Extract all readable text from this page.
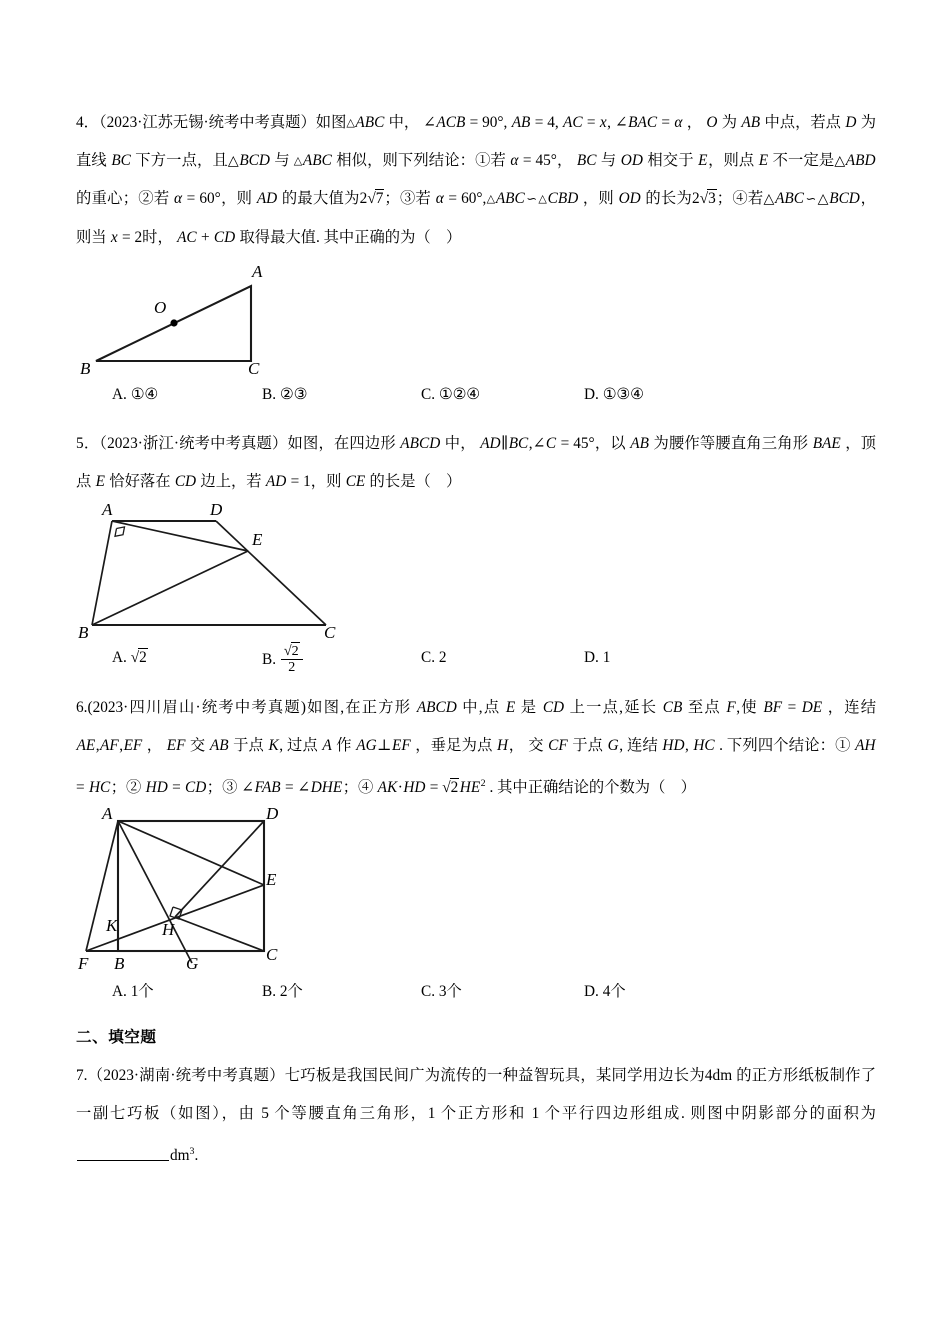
4．（2023·江苏无锡·统考中考真题）如图△ABC 中， ∠ACB = 90°, AB = 4, AC = x, ∠BAC = α ， O 为 AB 中点，若点 D 为直线 BC 下方一点，且△BCD 与 △ABC 相似，则下列结论：①若 α = 45°， BC 与 OD 相交于 E，则点 E 不一定是△ABD 的重心；②若 α = 60°，则 AD 的最大值为2√7；③若 α = 60°,△ABC ∽△CBD ，则 OD 的长为2√3；④若△ABC ∽△BCD，则当 x = 2时， AC + CD 取得最大值. 其中正确的为（　）
A
O
B	C
A. ①④	B. ②③	C. ①②④	D. ①③④
5．（2023·浙江·统考中考真题）如图，在四边形 ABCD 中， AD∥BC,∠C = 45°，以 AB 为腰作等腰直角三角形 BAE ，顶点 E 恰好落在 CD 边上，若 AD = 1，则 CE 的长是（　）
A	D
E
B	C
A. √2	B. $\frac{√2}{2}$	C. 2	D. 1
6.(2023·四川眉山·统考中考真题)如图,在正方形 ABCD 中,点 E 是 CD 上一点,延长 CB 至点 F,使 BF = DE ，连结 AE,AF,EF ， EF 交 AB 于点 K, 过点 A 作 AG⊥EF ，垂足为点 H， 交 CF 于点 G, 连结 HD, HC . 下列四个结论：① AH = HC；② HD = CD；③ ∠FAB = ∠DHE；④ $AK\cdot HD = √2HE^2$ . 其中正确结论的个数为（　）
A	D
E
K	H
C
F B	G
A. 1个	B. 2个	C. 3个	D. 4个
二、填空题
7.（2023·湖南·统考中考真题）七巧板是我国民间广为流传的一种益智玩具，某同学用边长为4dm 的正方形纸板制作了一副七巧板（如图），由 5 个等腰直角三角形，1 个正方形和 1 个平行四边形组成. 则图中阴影部分的面积为$dm^3$.
